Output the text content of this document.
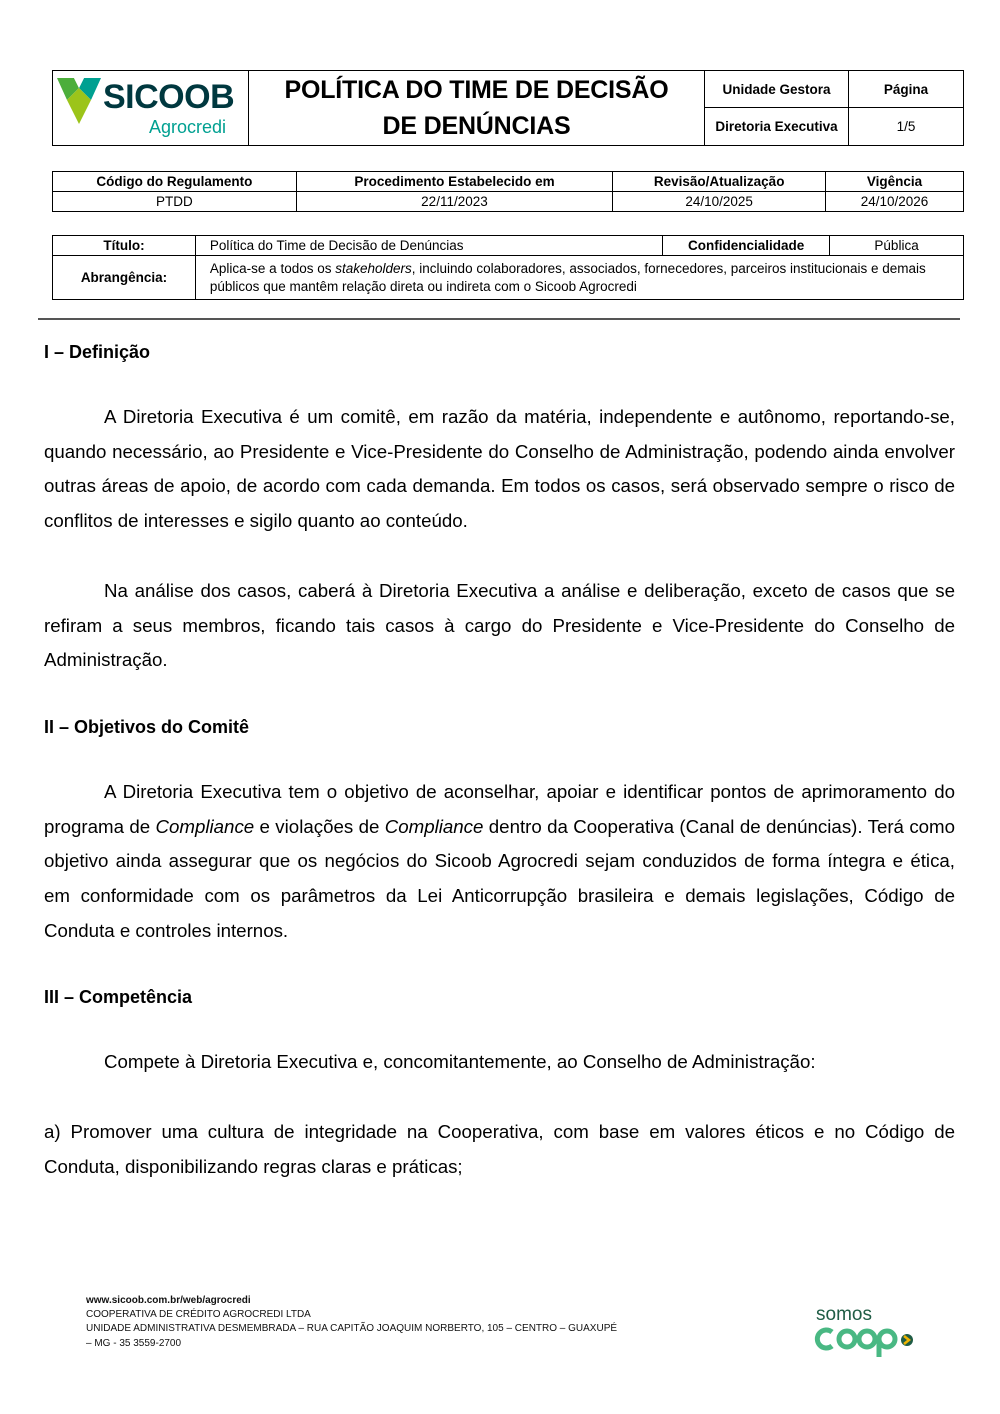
SICOOB
Agrocredi
POLÍTICA DO TIME DE DECISÃO
DE DENÚNCIAS
Unidade Gestora	Página
Diretoria Executiva	1/5
Código do Regulamento	Procedimento Estabelecido em	Revisão/Atualização	Vigência
PTDD	22/11/2023	24/10/2025	24/10/2026
Título:	Política do Time de Decisão de Denúncias	Confidencialidade	Pública
Abrangência:	Aplica-se a todos os stakeholders, incluindo colaboradores, associados, fornecedores, parceiros institucionais e demais públicos que mantêm relação direta ou indireta com o Sicoob Agrocredi		
I – Definição

A Diretoria Executiva é um comitê, em razão da matéria, independente e autônomo, reportando-se, quando necessário, ao Presidente e Vice-Presidente do Conselho de Administração, podendo ainda envolver outras áreas de apoio, de acordo com cada demanda. Em todos os casos, será observado sempre o risco de conflitos de interesses e sigilo quanto ao conteúdo.

Na análise dos casos, caberá à Diretoria Executiva a análise e deliberação, exceto de casos que se refiram a seus membros, ficando tais casos à cargo do Presidente e Vice-Presidente do Conselho de Administração.

II – Objetivos do Comitê

A Diretoria Executiva tem o objetivo de aconselhar, apoiar e identificar pontos de aprimoramento do programa de Compliance e violações de Compliance dentro da Cooperativa (Canal de denúncias). Terá como objetivo ainda assegurar que os negócios do Sicoob Agrocredi sejam conduzidos de forma íntegra e ética, em conformidade com os parâmetros da Lei Anticorrupção brasileira e demais legislações, Código de Conduta e controles internos.

III – Competência

Compete à Diretoria Executiva e, concomitantemente, ao Conselho de Administração:

a) Promover uma cultura de integridade na Cooperativa, com base em valores éticos e no Código de Conduta, disponibilizando regras claras e práticas;

www.sicoob.com.br/web/agrocredi
COOPERATIVA DE CRÉDITO AGROCREDI LTDA
UNIDADE ADMINISTRATIVA DESMEMBRADA – RUA CAPITÃO JOAQUIM NORBERTO, 105 – CENTRO – GUAXUPÉ
– MG - 35 3559-2700
somos
